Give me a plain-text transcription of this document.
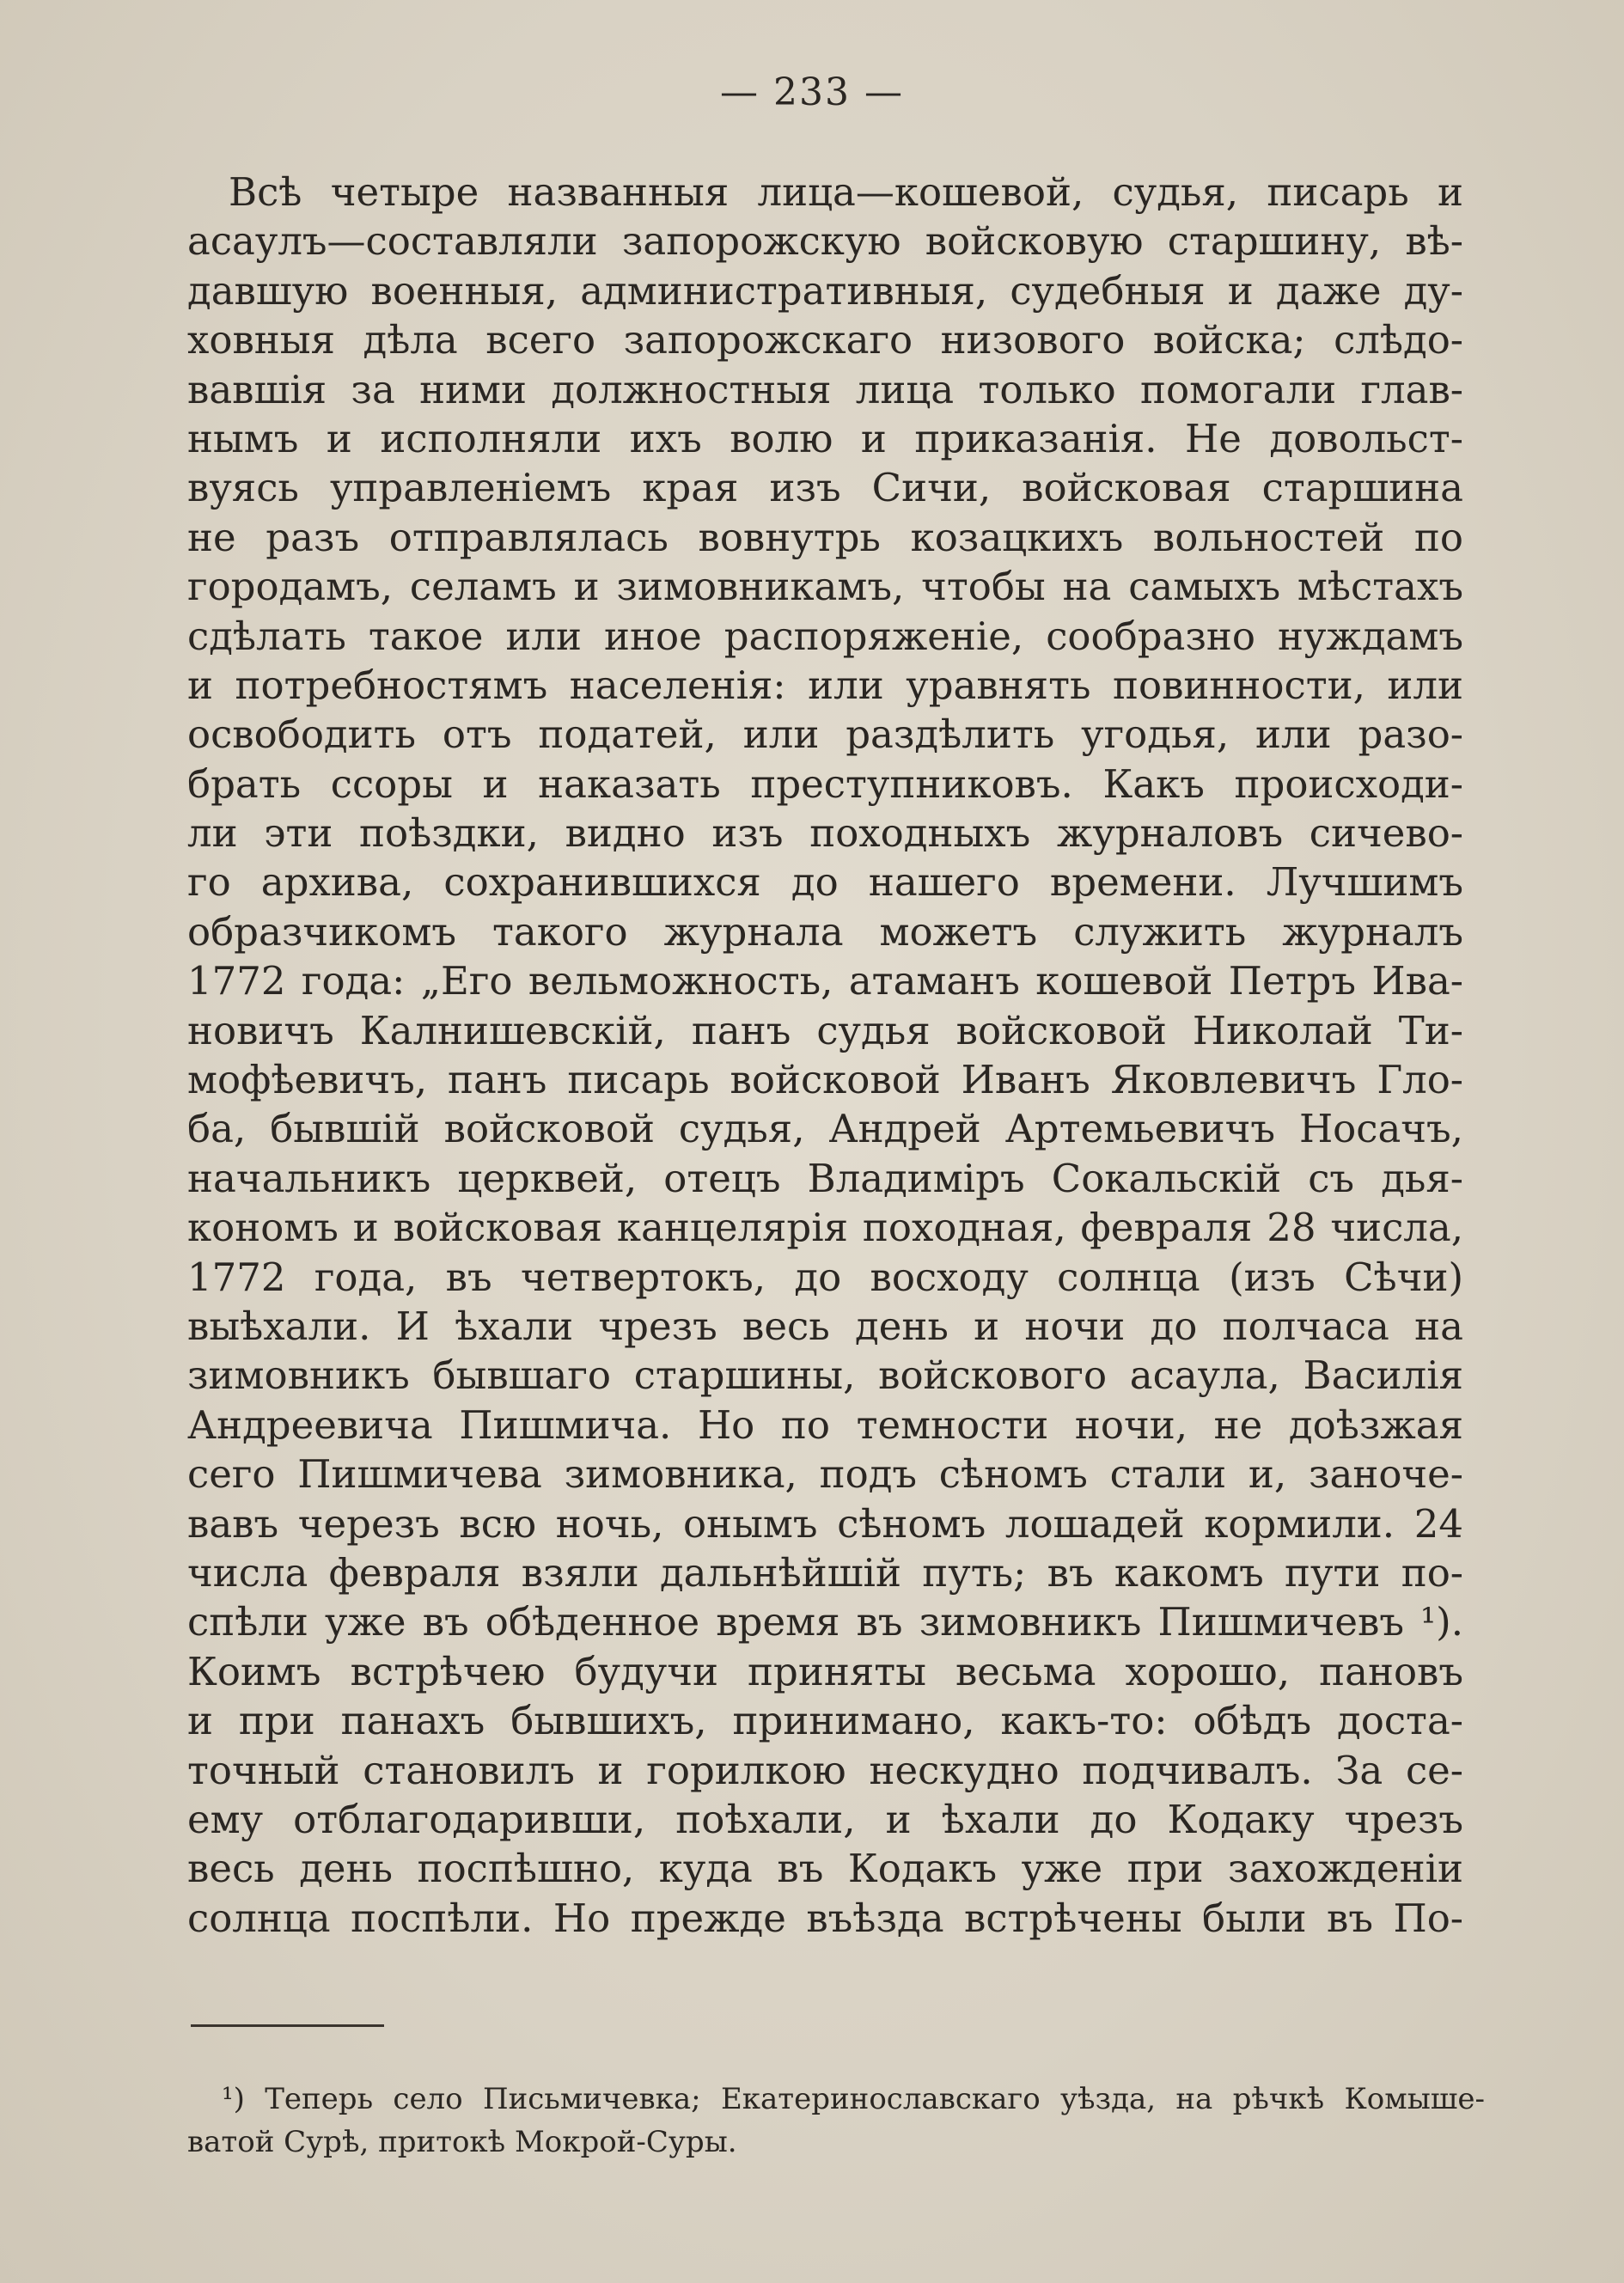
— 233 —
Всѣ четыре названныя лица—кошевой, судья, писарь и
асаулъ—составляли запорожскую войсковую старшину, вѣ-
давшую военныя, административныя, судебныя и даже ду-
ховныя дѣла всего запорожскаго низового войска; слѣдо-
вавшія за ними должностныя лица только помогали глав-
нымъ и исполняли ихъ волю и приказанія. Не довольст-
вуясь управленіемъ края изъ Сичи, войсковая старшина
не разъ отправлялась вовнутрь козацкихъ вольностей по
городамъ, селамъ и зимовникамъ, чтобы на самыхъ мѣстахъ
сдѣлать такое или иное распоряженіе, сообразно нуждамъ
и потребностямъ населенія: или уравнять повинности, или
освободить отъ податей, или раздѣлить угодья, или разо-
брать ссоры и наказать преступниковъ. Какъ происходи-
ли эти поѣздки, видно изъ походныхъ журналовъ сичево-
го архива, сохранившихся до нашего времени. Лучшимъ
образчикомъ такого журнала можетъ служить журналъ
1772 года: „Его вельможность, атаманъ кошевой Петръ Ива-
новичъ Калнишевскій, панъ судья войсковой Николай Ти-
мофѣевичъ, панъ писарь войсковой Иванъ Яковлевичъ Гло-
ба, бывшій войсковой судья, Андрей Артемьевичъ Носачъ,
начальникъ церквей, отецъ Владиміръ Сокальскій съ дья-
кономъ и войсковая канцелярія походная, февраля 28 числа,
1772 года, въ четвертокъ, до восходу солнца (изъ Сѣчи)
выѣхали. И ѣхали чрезъ весь день и ночи до полчаса на
зимовникъ бывшаго старшины, войскового асаула, Василія
Андреевича Пишмича. Но по темности ночи, не доѣзжая
сего Пишмичева зимовника, подъ сѣномъ стали и, заноче-
вавъ черезъ всю ночь, онымъ сѣномъ лошадей кормили. 24
числа февраля взяли дальнѣйшій путь; въ какомъ пути по-
спѣли уже въ обѣденное время въ зимовникъ Пишмичевъ ¹).
Коимъ встрѣчею будучи приняты весьма хорошо, пановъ
и при панахъ бывшихъ, принимано, какъ-то: обѣдъ доста-
точный становилъ и горилкою нескудно подчивалъ. За се-
ему отблагодаривши, поѣхали, и ѣхали до Кодаку чрезъ
весь день поспѣшно, куда въ Кодакъ уже при захожденіи
солнца поспѣли. Но прежде въѣзда встрѣчены были въ По-
¹) Теперь село Письмичевка; Екатеринославскаго уѣзда, на рѣчкѣ Комыше-
ватой Сурѣ, притокѣ Мокрой-Суры.
